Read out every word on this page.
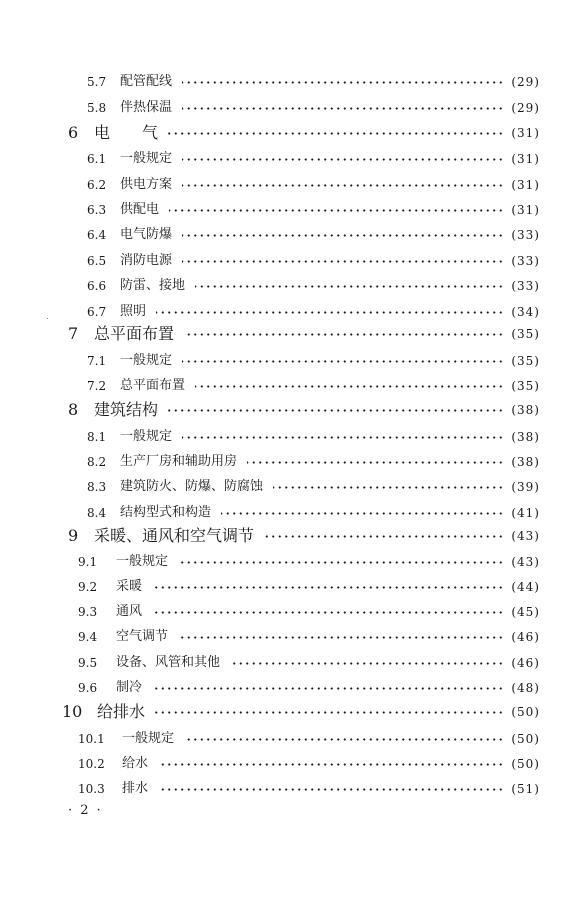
5.7 配管配线	(29)
5.8 伴热保温	(29)
6 电　　气	(31)
6.1 一般规定	(31)
6.2 供电方案	(31)
6.3 供配电	(31)
6.4 电气防爆	(33)
6.5 消防电源	(33)
6.6 防雷、接地	(33)
6.7 照明	(34)
7 总平面布置	(35)
7.1 一般规定	(35)
7.2 总平面布置	(35)
8 建筑结构	(38)
8.1 一般规定	(38)
8.2 生产厂房和辅助用房	(38)
8.3 建筑防火、防爆、防腐蚀	(39)
8.4 结构型式和构造	(41)
9 采暖、通风和空气调节	(43)
9.1 一般规定	(43)
9.2 采暖	(44)
9.3 通风	(45)
9.4 空气调节	(46)
9.5 设备、风管和其他	(46)
9.6 制冷	(48)
10 给排水	(50)
10.1 一般规定	(50)
10.2 给水	(50)
10.3 排水	(51)
· 2 ·
